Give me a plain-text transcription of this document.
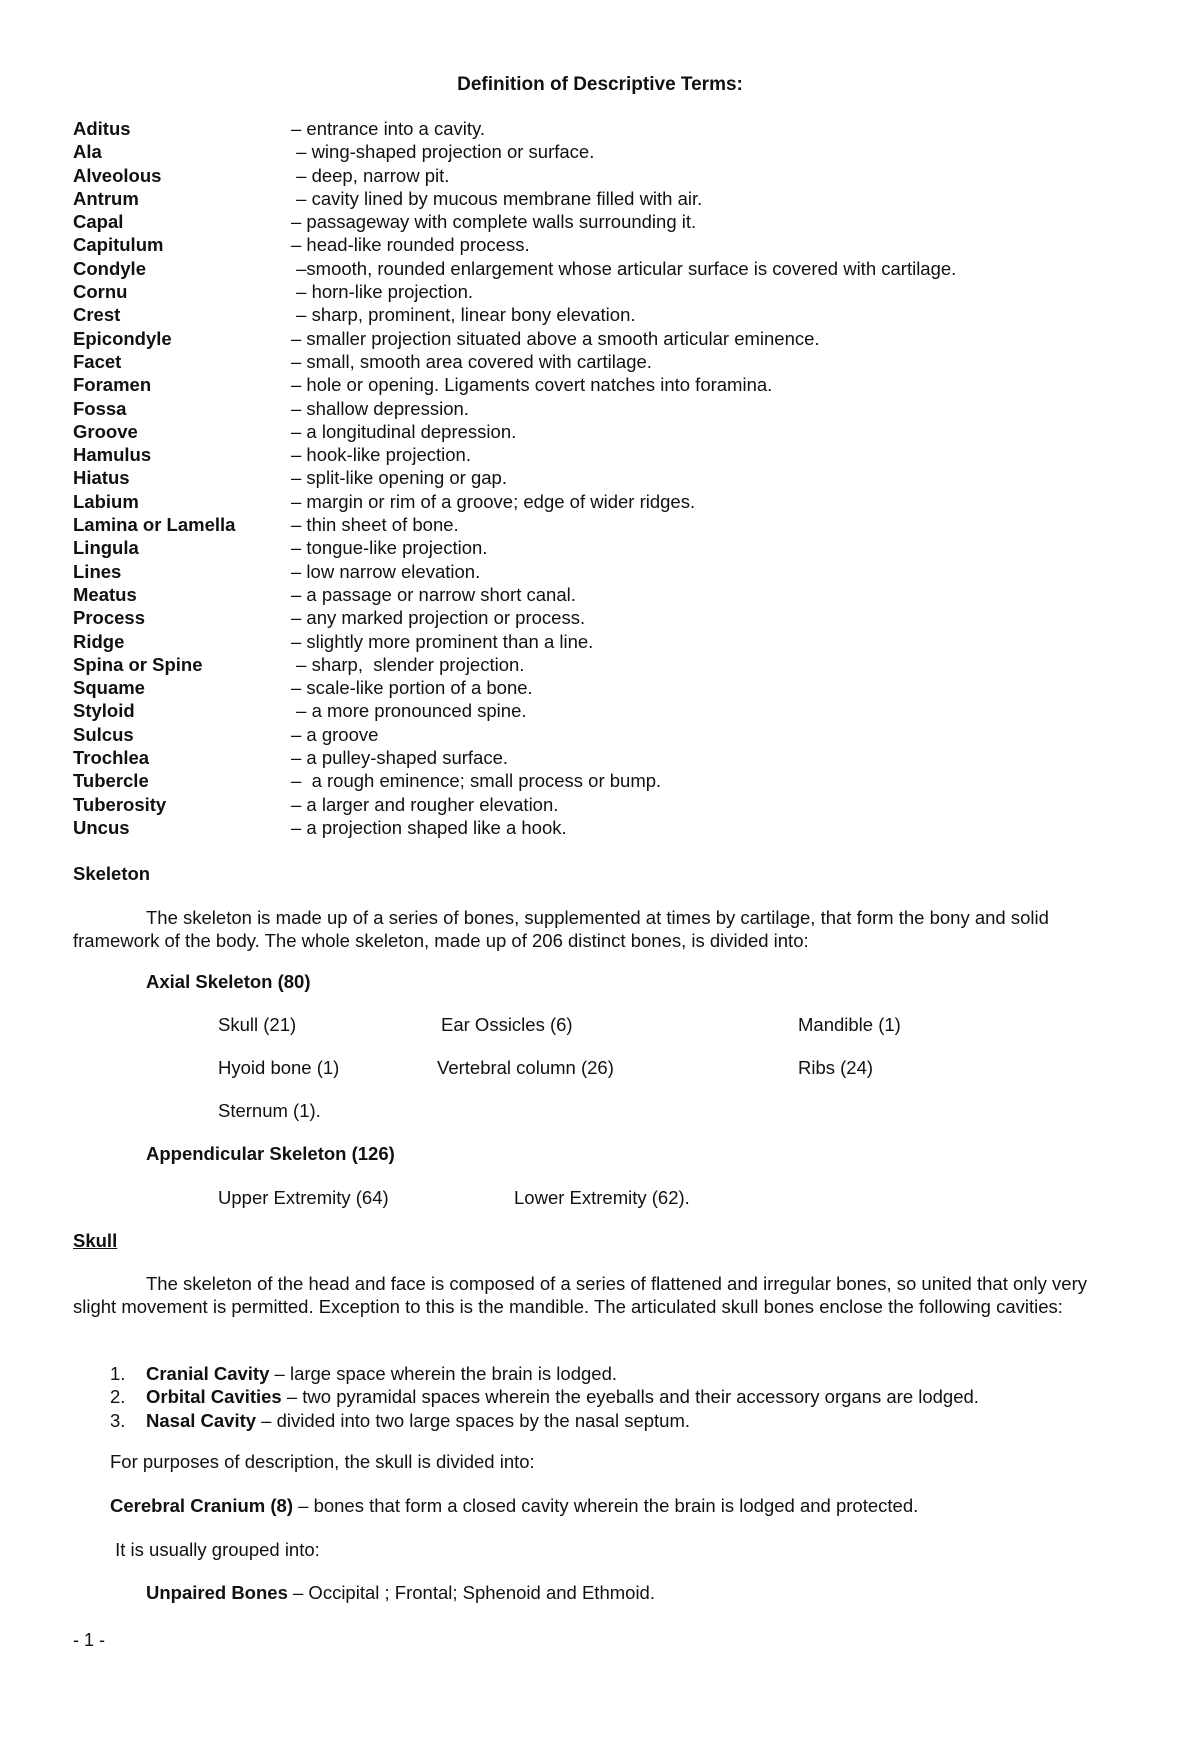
Definition of Descriptive Terms:
Aditus	– entrance into a cavity.
Ala	– wing-shaped projection or surface.
Alveolous	– deep, narrow pit.
Antrum	– cavity lined by mucous membrane filled with air.
Capal	– passageway with complete walls surrounding it.
Capitulum	– head-like rounded process.
Condyle	–smooth, rounded enlargement whose articular surface is covered with cartilage.
Cornu	– horn-like projection.
Crest	– sharp, prominent, linear bony elevation.
Epicondyle	– smaller projection situated above a smooth articular eminence.
Facet	– small, smooth area covered with cartilage.
Foramen	– hole or opening. Ligaments covert natches into foramina.
Fossa	– shallow depression.
Groove	– a longitudinal depression.
Hamulus	– hook-like projection.
Hiatus	– split-like opening or gap.
Labium	– margin or rim of a groove; edge of wider ridges.
Lamina or Lamella	– thin sheet of bone.
Lingula	– tongue-like projection.
Lines	– low narrow elevation.
Meatus	– a passage or narrow short canal.
Process	– any marked projection or process.
Ridge	– slightly more prominent than a line.
Spina or Spine	– sharp,  slender projection.
Squame	– scale-like portion of a bone.
Styloid	– a more pronounced spine.
Sulcus	– a groove
Trochlea	– a pulley-shaped surface.
Tubercle	–  a rough eminence; small process or bump.
Tuberosity	– a larger and rougher elevation.
Uncus	– a projection shaped like a hook.
Skeleton
The skeleton is made up of a series of bones, supplemented at times by cartilage, that form the bony and solid framework of the body. The whole skeleton, made up of 206 distinct bones, is divided into:
Axial Skeleton (80)
Skull (21)	Ear Ossicles (6)	Mandible (1)
Hyoid bone (1)	Vertebral column (26)	Ribs (24)
Sternum (1).
Appendicular Skeleton (126)
Upper Extremity (64)	Lower Extremity (62).
Skull
The skeleton of the head and face is composed of a series of flattened and irregular bones, so united that only very slight movement is permitted. Exception to this is the mandible. The articulated skull bones enclose the following cavities:
1. Cranial Cavity – large space wherein the brain is lodged.
2. Orbital Cavities – two pyramidal spaces wherein the eyeballs and their accessory organs are lodged.
3. Nasal Cavity – divided into two large spaces by the nasal septum.
For purposes of description, the skull is divided into:
Cerebral Cranium (8) – bones that form a closed cavity wherein the brain is lodged and protected.
It is usually grouped into:
Unpaired Bones – Occipital ; Frontal; Sphenoid and Ethmoid.
- 1 -
